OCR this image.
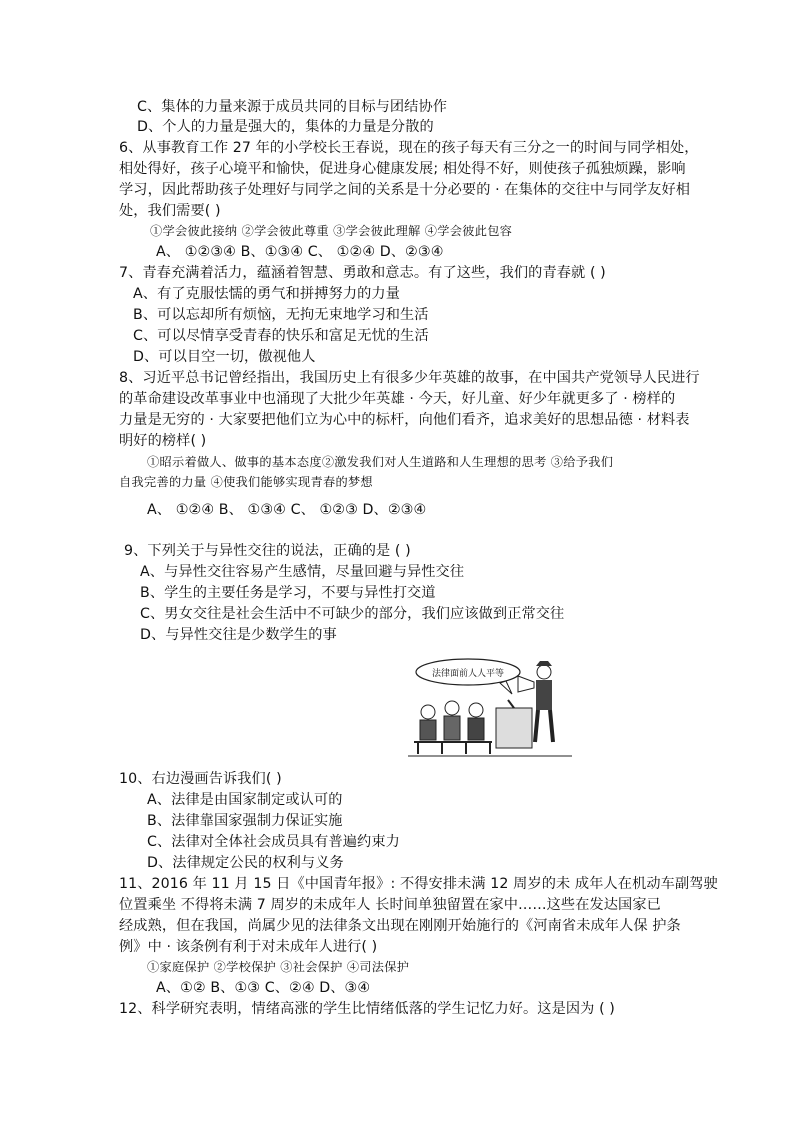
C、集体的力量来源于成员共同的目标与团结协作
D、个人的力量是强大的，集体的力量是分散的
6、从事教育工作 27 年的小学校长王春说，现在的孩子每天有三分之一的时间与同学相处，
相处得好，孩子心境平和愉快，促进身心健康发展; 相处得不好，则使孩子孤独烦躁，影响
学习，因此帮助孩子处理好与同学之间的关系是十分必要的 · 在集体的交往中与同学友好相
处，我们需要( )
①学会彼此接纳 ②学会彼此尊重 ③学会彼此理解 ④学会彼此包容
A、 ①②③④ B、①③④ C、 ①②④ D、②③④
7、青春充满着活力，蕴涵着智慧、勇敢和意志。有了这些，我们的青春就 ( )
A、有了克服怯懦的勇气和拼搏努力的力量
B、可以忘却所有烦恼，无拘无束地学习和生活
C、可以尽情享受青春的快乐和富足无忧的生活
D、可以目空一切，傲视他人
8、习近平总书记曾经指出，我国历史上有很多少年英雄的故事，在中国共产党领导人民进行
的革命建设改革事业中也涌现了大批少年英雄 · 今天，好儿童、好少年就更多了 · 榜样的
力量是无穷的 · 大家要把他们立为心中的标杆，向他们看齐，追求美好的思想品德 · 材料表
明好的榜样( )
①昭示着做人、做事的基本态度②激发我们对人生道路和人生理想的思考 ③给予我们
自我完善的力量 ④使我们能够实现青春的梦想
A、 ①②④ B、 ①③④ C、 ①②③ D、②③④
9、下列关于与异性交往的说法，正确的是 ( )
A、与异性交往容易产生感情，尽量回避与异性交往
B、学生的主要任务是学习，不要与异性打交道
C、男女交往是社会生活中不可缺少的部分，我们应该做到正常交往
D、与异性交往是少数学生的事
法律面前人人平等
10、右边漫画告诉我们( )
A、法律是由国家制定或认可的
B、法律靠国家强制力保证实施
C、法律对全体社会成员具有普遍约束力
D、法律规定公民的权利与义务
11、2016 年 11 月 15 日《中国青年报》: 不得安排未满 12 周岁的未 成年人在机动车副驾驶
位置乘坐 不得将未满 7 周岁的未成年人 长时间单独留置在家中……这些在发达国家已
经成熟，但在我国，尚属少见的法律条文出现在刚刚开始施行的《河南省未成年人保 护条
例》中 · 该条例有利于对未成年人进行( )
①家庭保护 ②学校保护 ③社会保护 ④司法保护
A、①② B、①③ C、②④ D、③④
12、科学研究表明，情绪高涨的学生比情绪低落的学生记忆力好。这是因为 ( )
